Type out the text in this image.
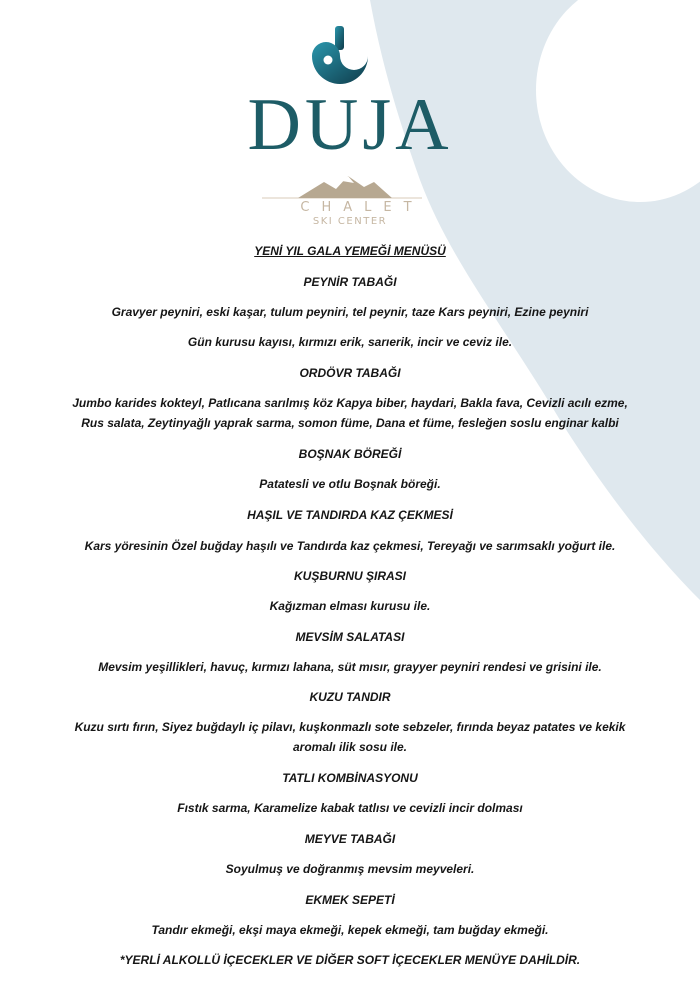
DUJA
CHALET
SKI CENTER
YENİ YIL GALA YEMEĞİ MENÜSÜ
PEYNİR TABAĞI
Gravyer peyniri, eski kaşar, tulum peyniri, tel peynir, taze Kars peyniri, Ezine peyniri
Gün kurusu kayısı, kırmızı erik, sarıerik, incir ve ceviz ile.
ORDÖVR TABAĞI
Jumbo karides kokteyl, Patlıcana sarılmış köz Kapya biber, haydari, Bakla fava, Cevizli acılı ezme,
Rus salata, Zeytinyağlı yaprak sarma, somon füme, Dana et füme, fesleğen soslu enginar kalbi
BOŞNAK BÖREĞİ
Patatesli ve otlu Boşnak böreği.
HAŞIL VE TANDIRDA KAZ ÇEKMESİ
Kars yöresinin Özel buğday haşılı ve Tandırda kaz çekmesi, Tereyağı ve sarımsaklı yoğurt ile.
KUŞBURNU ŞIRASI
Kağızman elması kurusu ile.
MEVSİM SALATASI
Mevsim yeşillikleri, havuç, kırmızı lahana, süt mısır, grayyer peyniri rendesi ve grisini ile.
KUZU TANDIR
Kuzu sırtı fırın, Siyez buğdaylı iç pilavı, kuşkonmazlı sote sebzeler, fırında beyaz patates ve kekik
aromalı ilik sosu ile.
TATLI KOMBİNASYONU
Fıstık sarma, Karamelize kabak tatlısı ve cevizli incir dolması
MEYVE TABAĞI
Soyulmuş ve doğranmış mevsim meyveleri.
EKMEK SEPETİ
Tandır ekmeği, ekşi maya ekmeği, kepek ekmeği, tam buğday ekmeği.
*YERLİ ALKOLLÜ İÇECEKLER VE DİĞER SOFT İÇECEKLER MENÜYE DAHİLDİR.
